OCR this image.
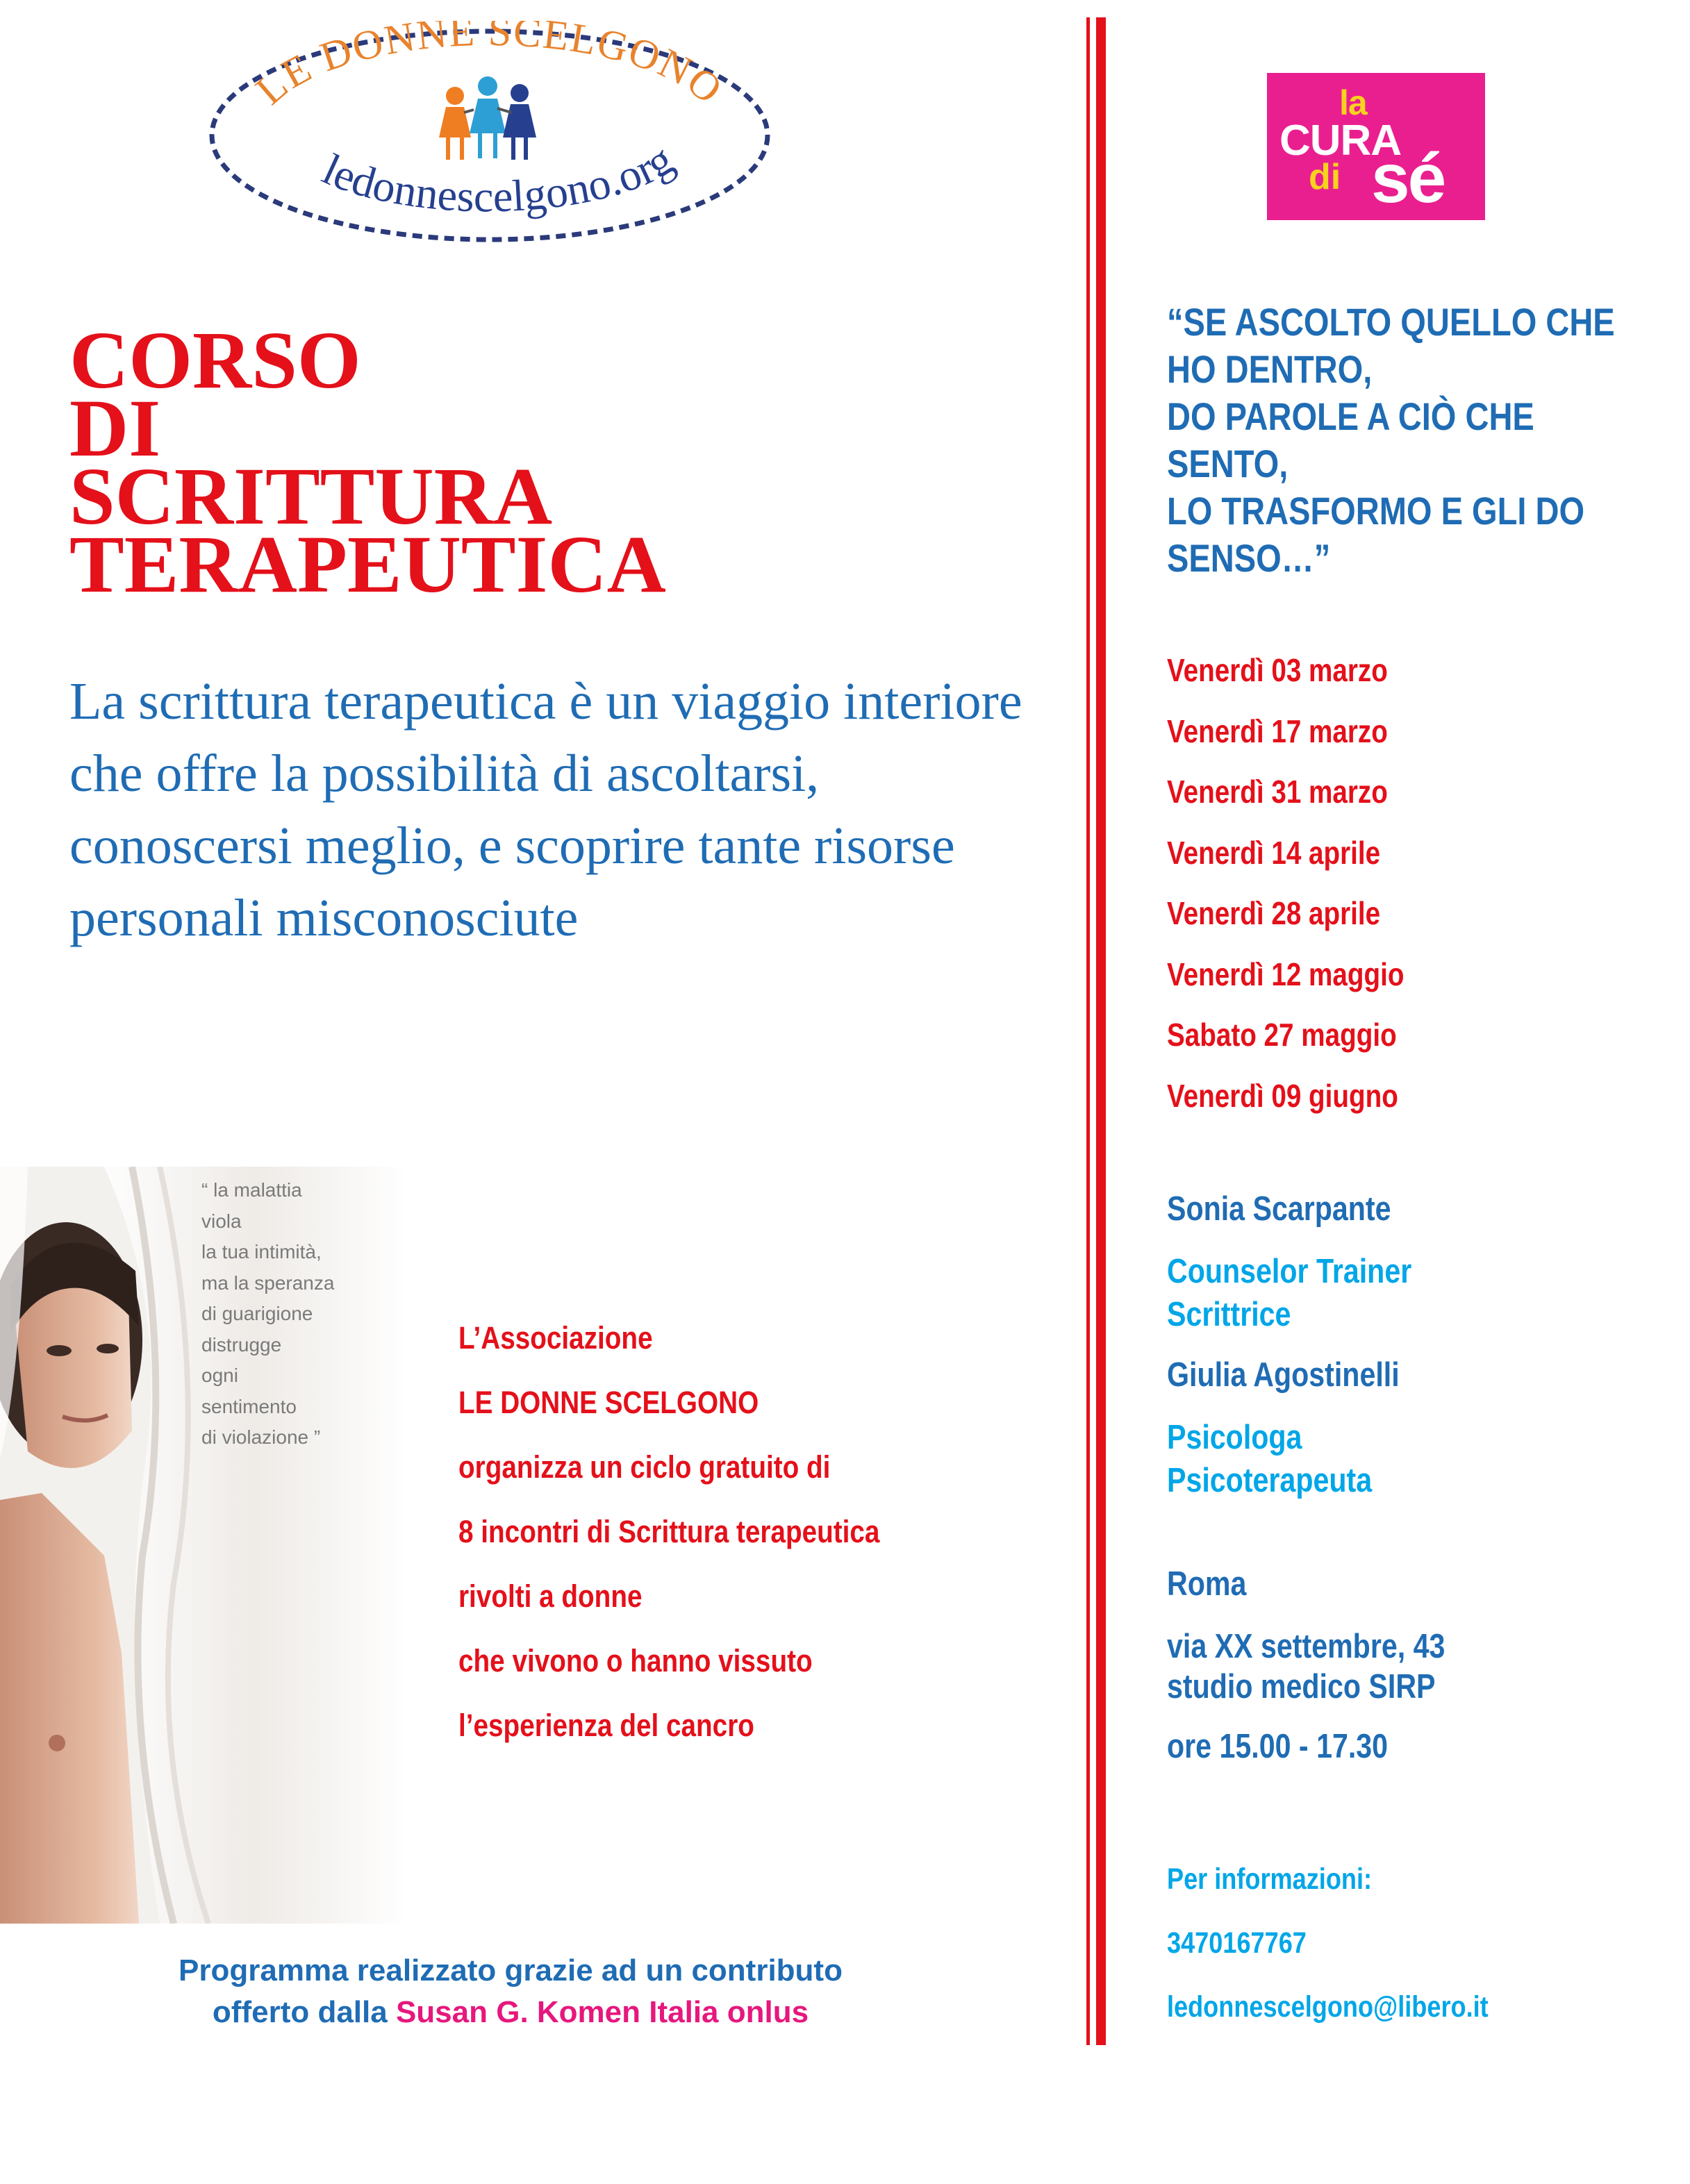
LE DONNE SCELGONO
ledonnescelgono.org
CORSO
DI
SCRITTURA
TERAPEUTICA

La scrittura terapeutica è un viaggio interiore che offre la possibilità di ascoltarsi, conoscersi meglio, e scoprire tante risorse personali misconosciute

“ la malattia
viola
la tua intimità,
ma la speranza
di guarigione
distrugge
ogni
sentimento
di violazione ”
L’Associazione
LE DONNE SCELGONO
organizza un ciclo gratuito di
8 incontri di Scrittura terapeutica
rivolti a donne
che vivono o hanno vissuto
l’esperienza del cancro
Programma realizzato grazie ad un contributo
offerto dalla Susan G. Komen Italia onlus
la
CURA
di sé
“SE ASCOLTO QUELLO CHE
HO DENTRO,
DO PAROLE A CIÒ CHE
SENTO,
LO TRASFORMO E GLI DO
SENSO…”
Venerdì 03 marzo
Venerdì 17 marzo
Venerdì 31 marzo
Venerdì 14 aprile
Venerdì 28 aprile
Venerdì 12 maggio
Sabato 27 maggio
Venerdì 09 giugno
Sonia Scarpante
Counselor Trainer
Scrittrice
Giulia Agostinelli
Psicologa
Psicoterapeuta
Roma
via XX settembre, 43
studio medico SIRP
ore 15.00 - 17.30
Per informazioni:
3470167767
ledonnescelgono@libero.it
